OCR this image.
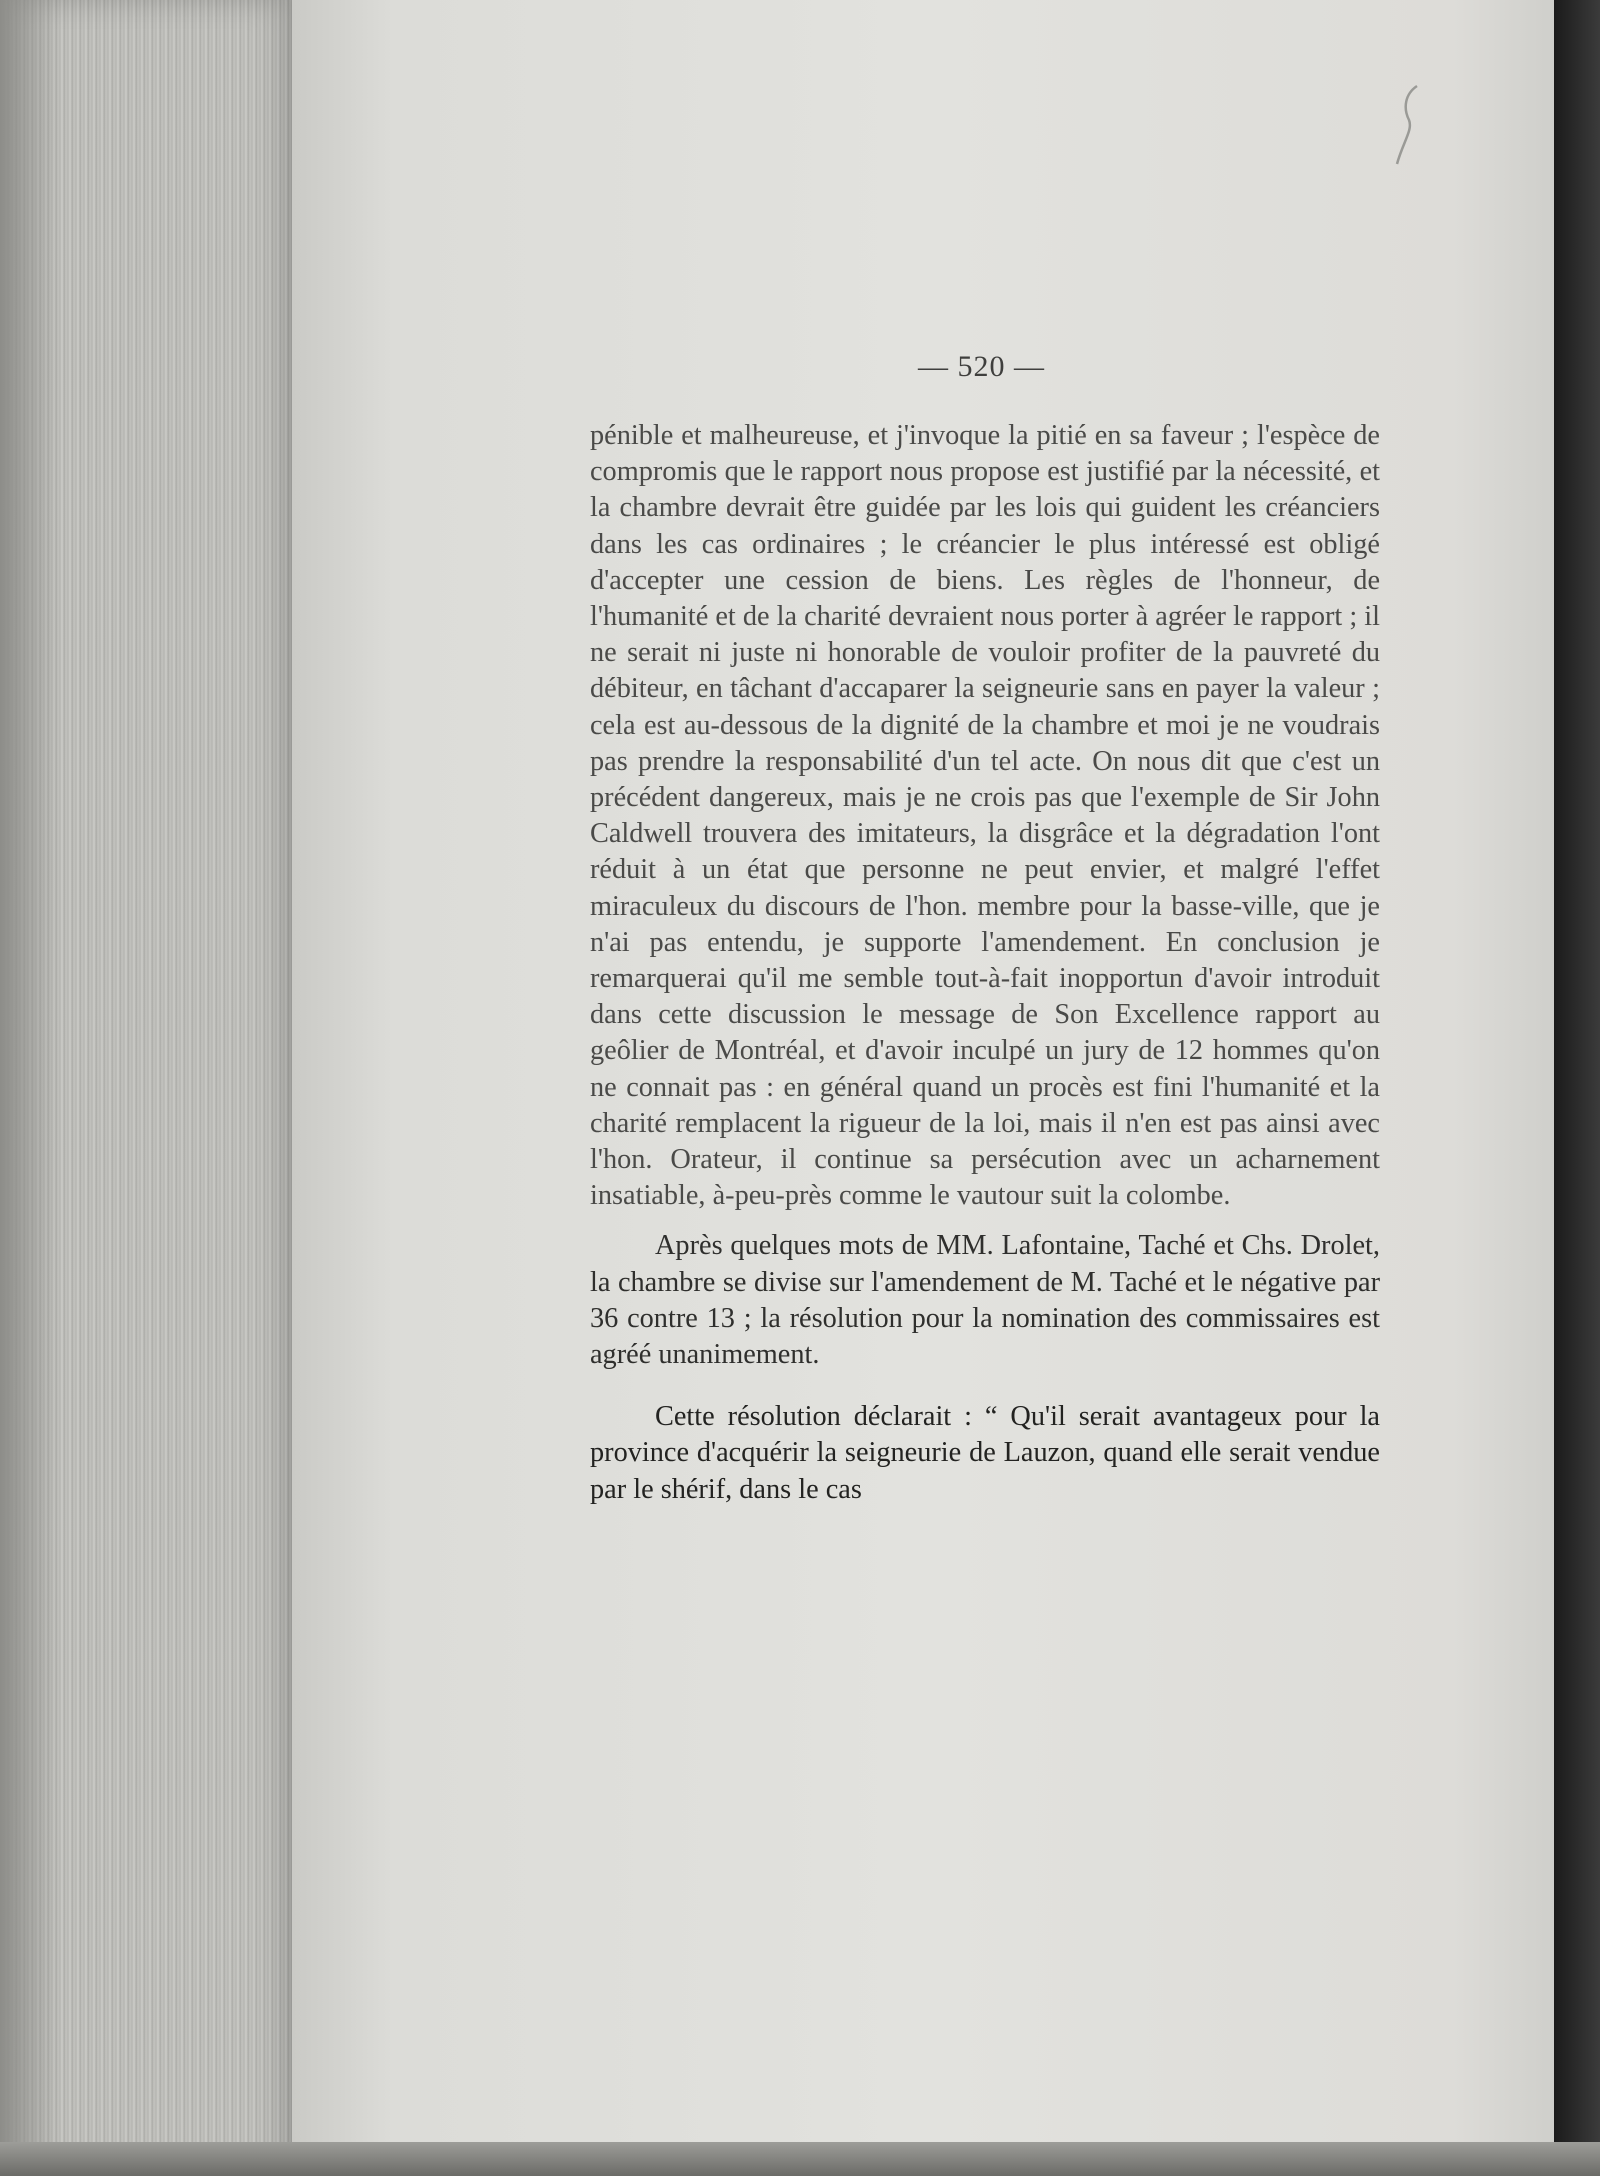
— 520 —

pénible et malheureuse, et j'invoque la pitié en sa faveur ; l'espèce de compromis que le rapport nous propose est justifié par la nécessité, et la chambre devrait être guidée par les lois qui guident les créanciers dans les cas ordinaires ; le créancier le plus intéressé est obligé d'accepter une cession de biens. Les règles de l'honneur, de l'humanité et de la charité devraient nous porter à agréer le rapport ; il ne serait ni juste ni honorable de vouloir profiter de la pauvreté du débiteur, en tâchant d'accaparer la seigneurie sans en payer la valeur ; cela est au-dessous de la dignité de la chambre et moi je ne voudrais pas prendre la responsabilité d'un tel acte. On nous dit que c'est un précédent dangereux, mais je ne crois pas que l'exemple de Sir John Caldwell trouvera des imitateurs, la disgrâce et la dégradation l'ont réduit à un état que personne ne peut envier, et malgré l'effet miraculeux du discours de l'hon. membre pour la basse-ville, que je n'ai pas entendu, je supporte l'amendement. En conclusion je remarquerai qu'il me semble tout-à-fait inopportun d'avoir introduit dans cette discussion le message de Son Excellence rapport au geôlier de Montréal, et d'avoir inculpé un jury de 12 hommes qu'on ne connait pas : en général quand un procès est fini l'humanité et la charité remplacent la rigueur de la loi, mais il n'en est pas ainsi avec l'hon. Orateur, il continue sa persécution avec un acharnement insatiable, à-peu-près comme le vautour suit la colombe.

Après quelques mots de MM. Lafontaine, Taché et Chs. Drolet, la chambre se divise sur l'amendement de M. Taché et le négative par 36 contre 13 ; la résolution pour la nomination des commissaires est agréé unanimement.

Cette résolution déclarait : “ Qu'il serait avantageux pour la province d'acquérir la seigneurie de Lauzon, quand elle serait vendue par le shérif, dans le cas
